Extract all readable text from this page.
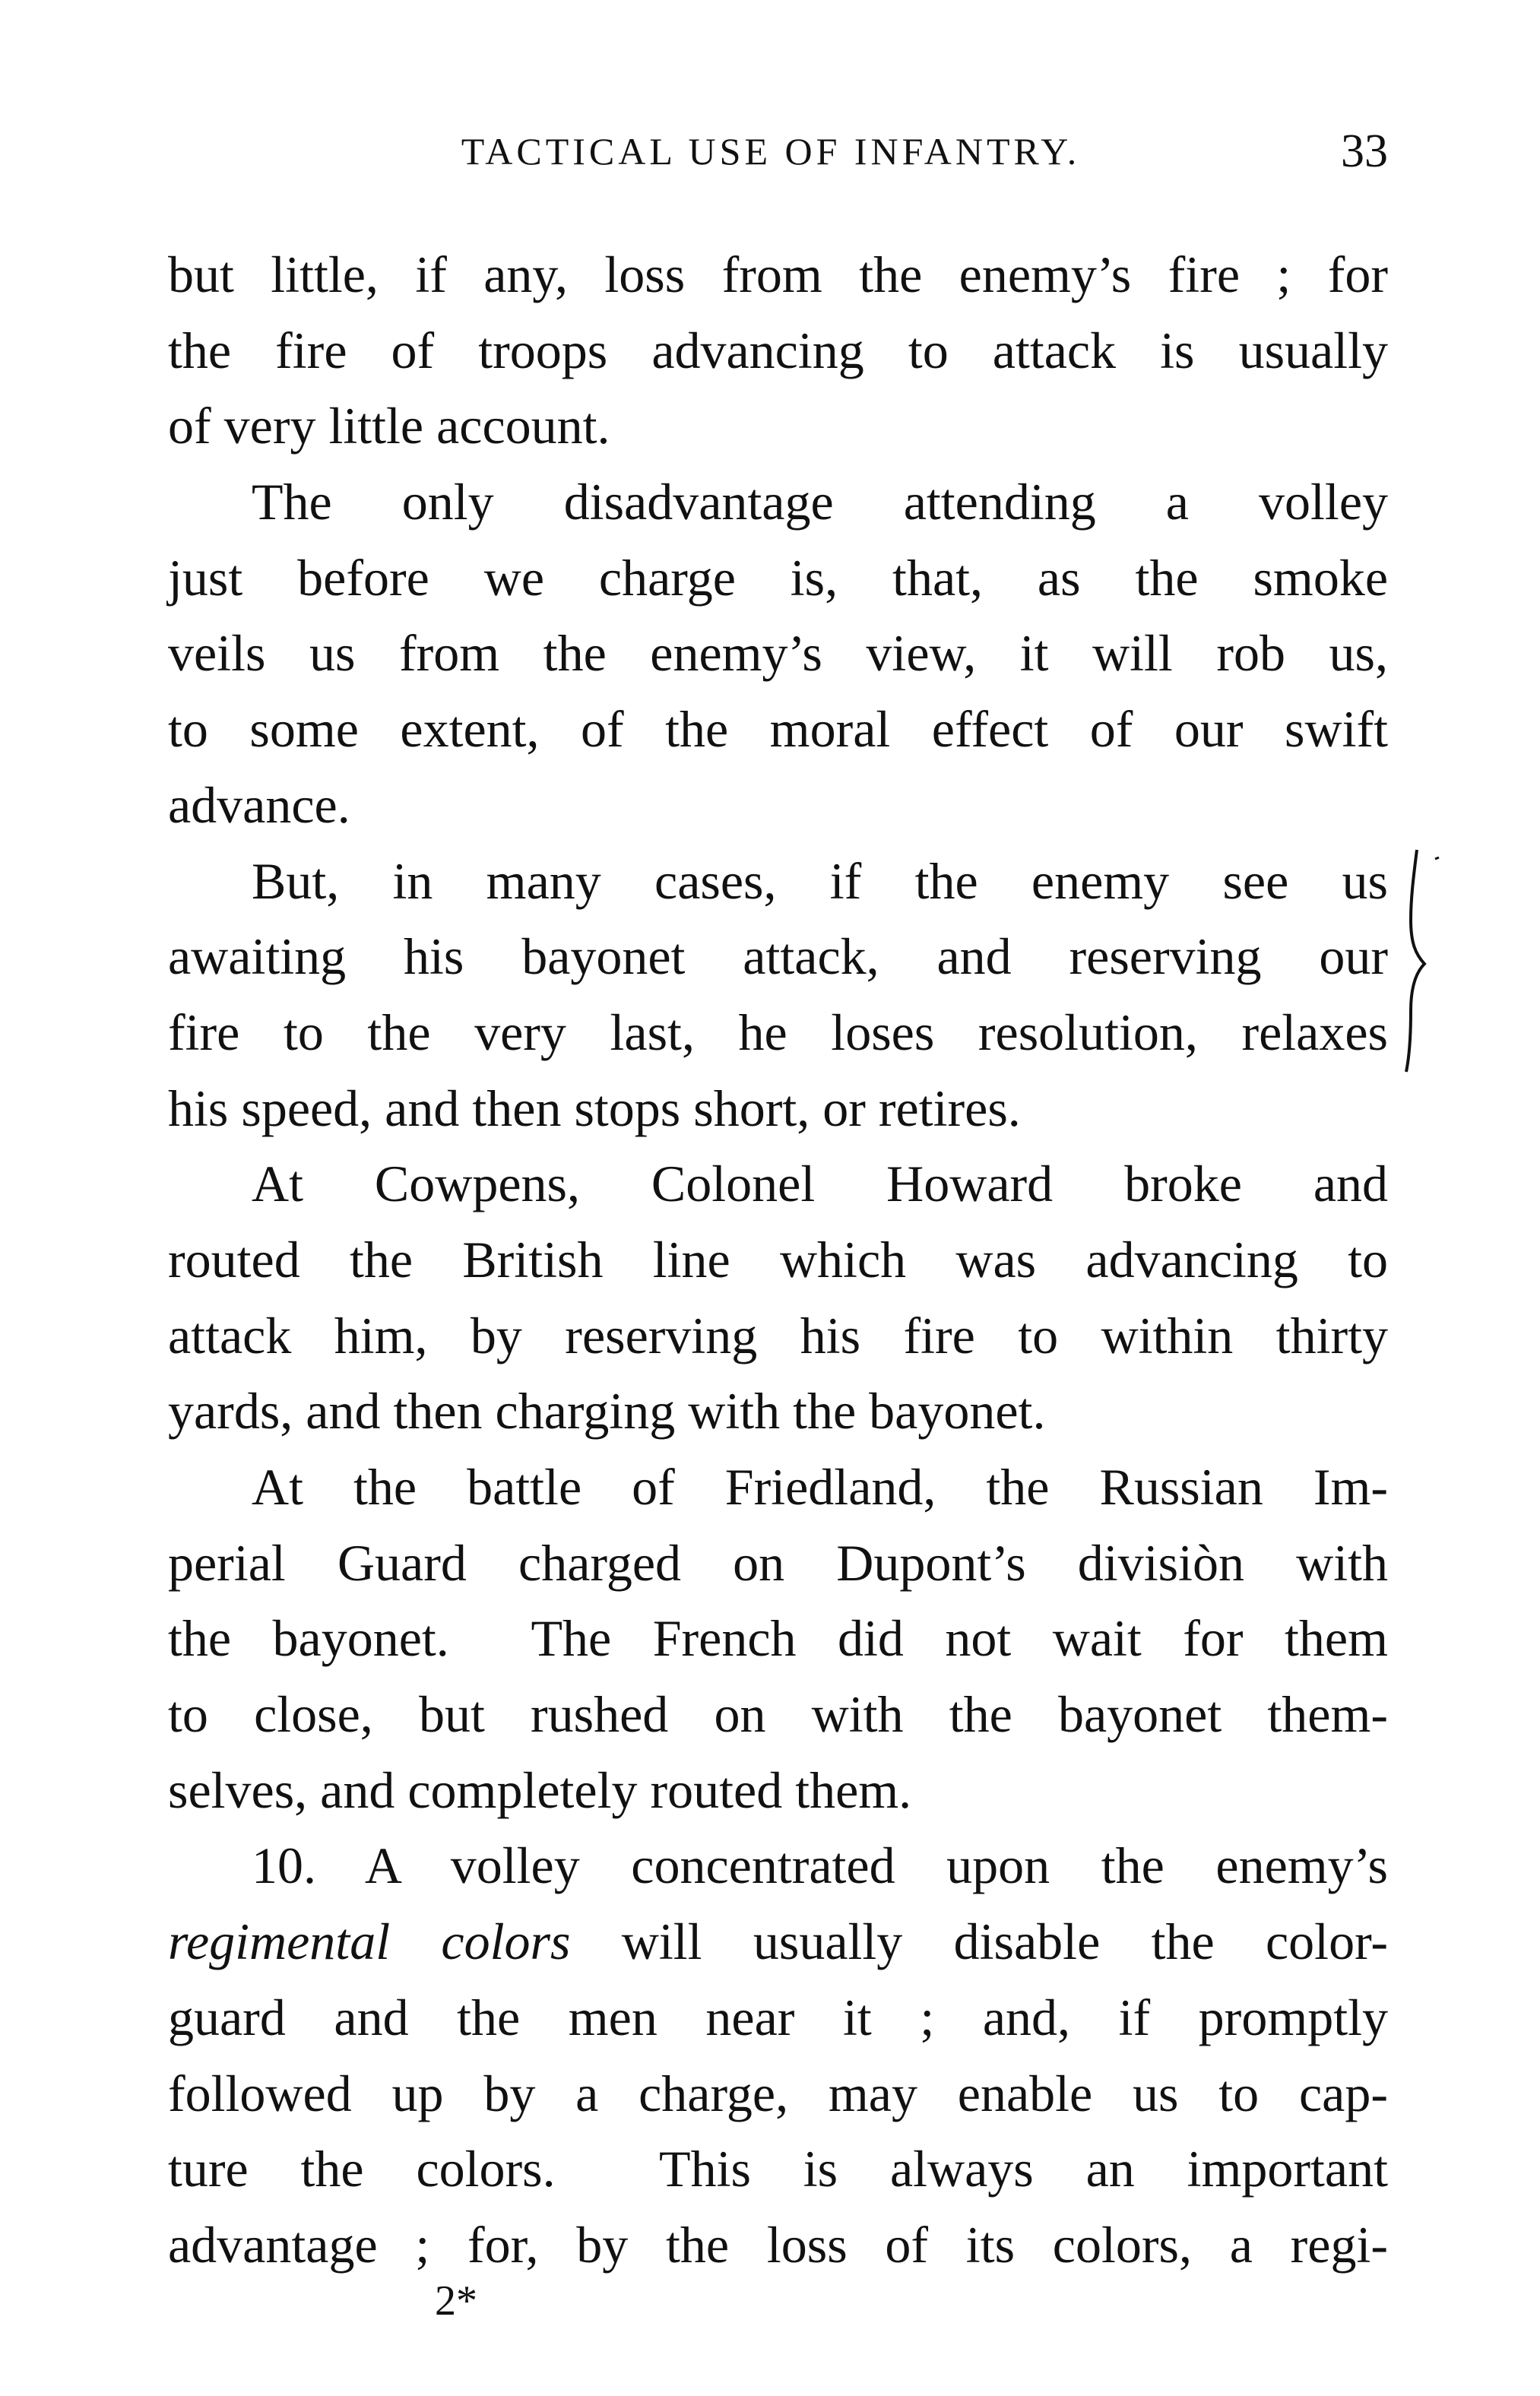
TACTICAL USE OF INFANTRY.	33
but little, if any, loss from the enemy’s fire ; for
the fire of troops advancing to attack is usually
of very little account.
The only disadvantage attending a volley
just before we charge is, that, as the smoke
veils us from the enemy’s view, it will rob us,
to some extent, of the moral effect of our swift
advance.
But, in many cases, if the enemy see us
awaiting his bayonet attack, and reserving our
fire to the very last, he loses resolution, relaxes
his speed, and then stops short, or retires.
At Cowpens, Colonel Howard broke and
routed the British line which was advancing to
attack him, by reserving his fire to within thirty
yards, and then charging with the bayonet.
At the battle of Friedland, the Russian Im-
perial Guard charged on Dupont’s divisiòn with
the bayonet.  The French did not wait for them
to close, but rushed on with the bayonet them-
selves, and completely routed them.
10. A volley concentrated upon the enemy’s
regimental colors will usually disable the color-
guard and the men near it ; and, if promptly
followed up by a charge, may enable us to cap-
ture the colors.  This is always an important
advantage ; for, by the loss of its colors, a regi-
2*
